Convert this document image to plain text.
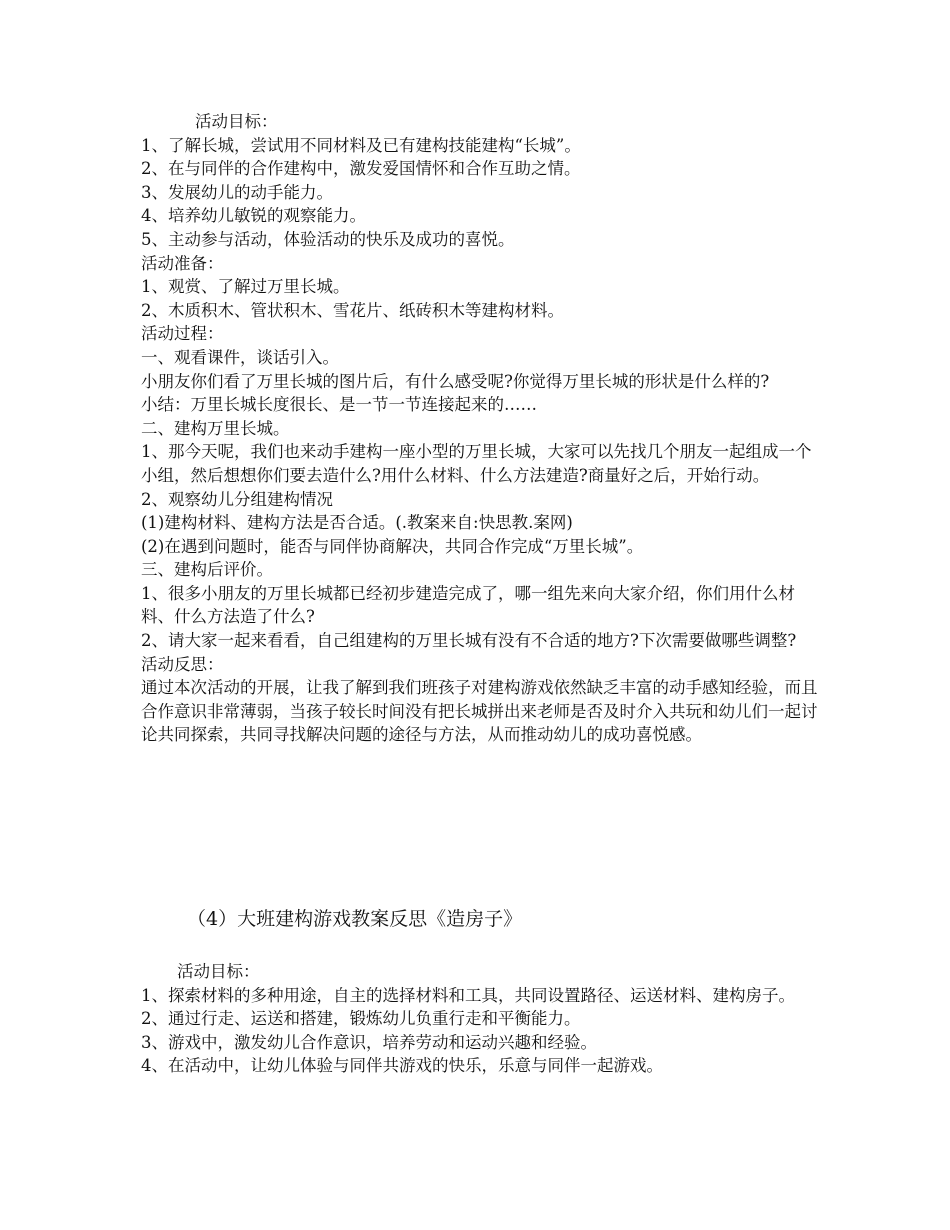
活动目标：
1、了解长城，尝试用不同材料及已有建构技能建构“长城”。
2、在与同伴的合作建构中，激发爱国情怀和合作互助之情。
3、发展幼儿的动手能力。
4、培养幼儿敏锐的观察能力。
5、主动参与活动，体验活动的快乐及成功的喜悦。
活动准备：
1、观赏、了解过万里长城。
2、木质积木、管状积木、雪花片、纸砖积木等建构材料。
活动过程：
一、观看课件，谈话引入。
小朋友你们看了万里长城的图片后，有什么感受呢?你觉得万里长城的形状是什么样的?
小结：万里长城长度很长、是一节一节连接起来的……
二、建构万里长城。
1、那今天呢，我们也来动手建构一座小型的万里长城，大家可以先找几个朋友一起组成一个小组，然后想想你们要去造什么?用什么材料、什么方法建造?商量好之后，开始行动。
2、观察幼儿分组建构情况
(1)建构材料、建构方法是否合适。(.教案来自:快思教.案网)
(2)在遇到问题时，能否与同伴协商解决，共同合作完成“万里长城”。
三、建构后评价。
1、很多小朋友的万里长城都已经初步建造完成了，哪一组先来向大家介绍，你们用什么材料、什么方法造了什么?
2、请大家一起来看看，自己组建构的万里长城有没有不合适的地方?下次需要做哪些调整?
活动反思：
通过本次活动的开展，让我了解到我们班孩子对建构游戏依然缺乏丰富的动手感知经验，而且合作意识非常薄弱，当孩子较长时间没有把长城拼出来老师是否及时介入共玩和幼儿们一起讨论共同探索，共同寻找解决问题的途径与方法，从而推动幼儿的成功喜悦感。
（4）大班建构游戏教案反思《造房子》
活动目标：
1、探索材料的多种用途，自主的选择材料和工具，共同设置路径、运送材料、建构房子。
2、通过行走、运送和搭建，锻炼幼儿负重行走和平衡能力。
3、游戏中，激发幼儿合作意识，培养劳动和运动兴趣和经验。
4、在活动中，让幼儿体验与同伴共游戏的快乐，乐意与同伴一起游戏。
